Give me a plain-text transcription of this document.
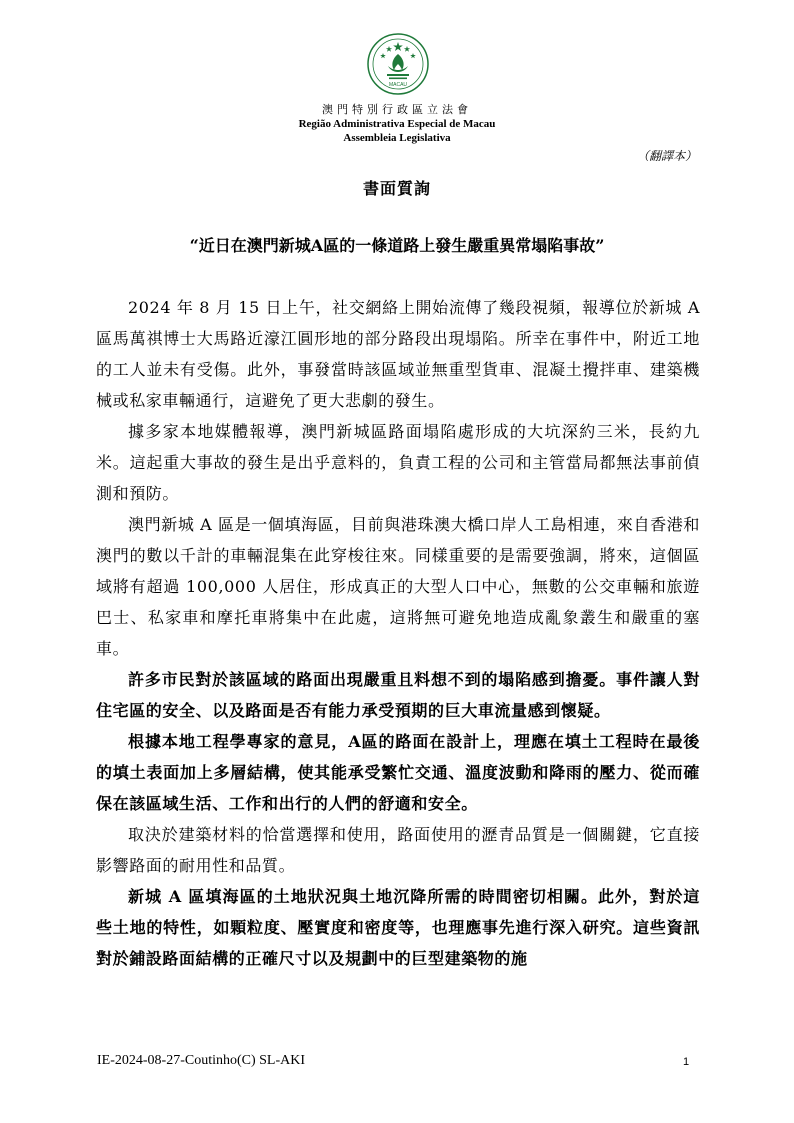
MACAU
澳門特別行政區立法會
Região Administrativa Especial de Macau
Assembleia Legislativa
（翻譯本）
書面質詢
“近日在澳門新城A區的一條道路上發生嚴重異常塌陷事故”

2024 年 8 月 15 日上午，社交網絡上開始流傳了幾段視頻，報導位於新城 A 區馬萬祺博士大馬路近濠江圓形地的部分路段出現塌陷。所幸在事件中，附近工地的工人並未有受傷。此外，事發當時該區域並無重型貨車、混凝土攪拌車、建築機械或私家車輛通行，這避免了更大悲劇的發生。

據多家本地媒體報導，澳門新城區路面塌陷處形成的大坑深約三米，長約九米。這起重大事故的發生是出乎意料的，負責工程的公司和主管當局都無法事前偵測和預防。

澳門新城 A 區是一個填海區，目前與港珠澳大橋口岸人工島相連，來自香港和澳門的數以千計的車輛混集在此穿梭往來。同樣重要的是需要強調，將來，這個區域將有超過 100,000 人居住，形成真正的大型人口中心，無數的公交車輛和旅遊巴士、私家車和摩托車將集中在此處，這將無可避免地造成亂象叢生和嚴重的塞車。

許多市民對於該區域的路面出現嚴重且料想不到的塌陷感到擔憂。事件讓人對住宅區的安全、以及路面是否有能力承受預期的巨大車流量感到懷疑。

根據本地工程學專家的意見，A區的路面在設計上，理應在填土工程時在最後的填土表面加上多層結構，使其能承受繁忙交通、溫度波動和降雨的壓力、從而確保在該區域生活、工作和出行的人們的舒適和安全。

取決於建築材料的恰當選擇和使用，路面使用的瀝青品質是一個關鍵，它直接影響路面的耐用性和品質。

新城 A 區填海區的土地狀況與土地沉降所需的時間密切相關。此外，對於這些土地的特性，如顆粒度、壓實度和密度等，也理應事先進行深入研究。這些資訊對於鋪設路面結構的正確尺寸以及規劃中的巨型建築物的施

IE-2024-08-27-Coutinho(C) SL-AKI	1
